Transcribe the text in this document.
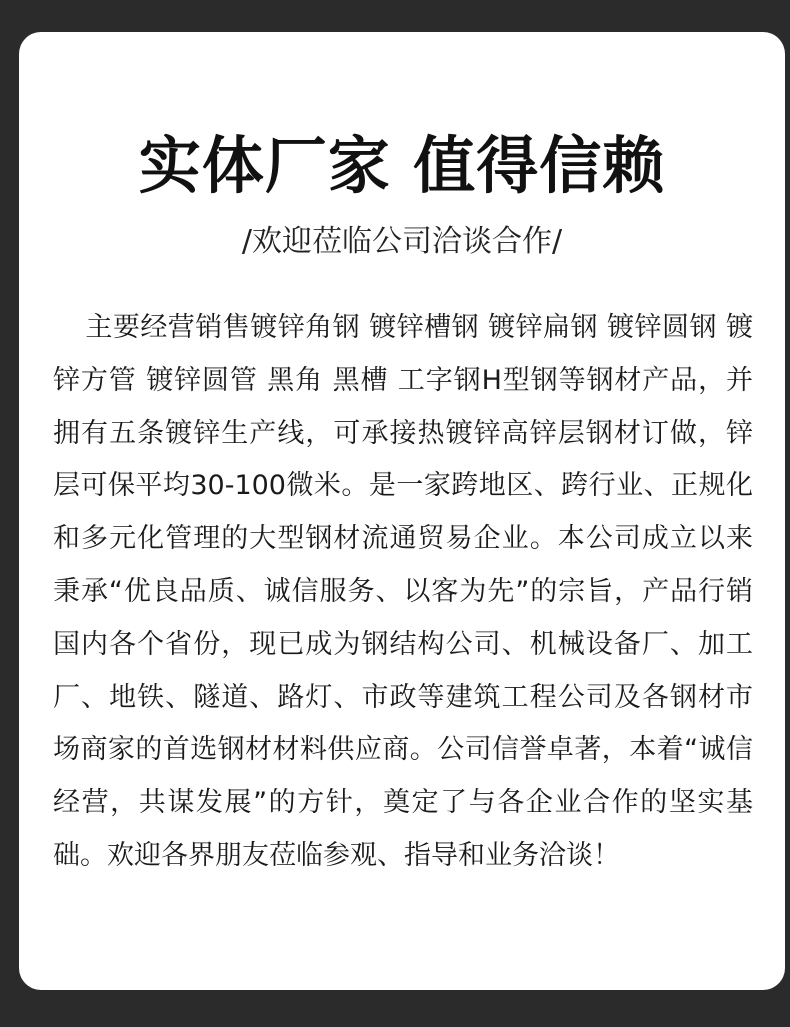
实体厂家 值得信赖
/欢迎莅临公司洽谈合作/

主要经营销售镀锌角钢 镀锌槽钢 镀锌扁钢 镀锌圆钢 镀锌方管 镀锌圆管 黑角 黑槽 工字钢H型钢等钢材产品，并拥有五条镀锌生产线，可承接热镀锌高锌层钢材订做，锌层可保平均30-100微米。是一家跨地区、跨行业、正规化和多元化管理的大型钢材流通贸易企业。本公司成立以来秉承“优良品质、诚信服务、以客为先”的宗旨，产品行销国内各个省份，现已成为钢结构公司、机械设备厂、加工厂、地铁、隧道、路灯、市政等建筑工程公司及各钢材市场商家的首选钢材材料供应商。公司信誉卓著，本着“诚信经营，共谋发展”的方针，奠定了与各企业合作的坚实基础。欢迎各界朋友莅临参观、指导和业务洽谈！
